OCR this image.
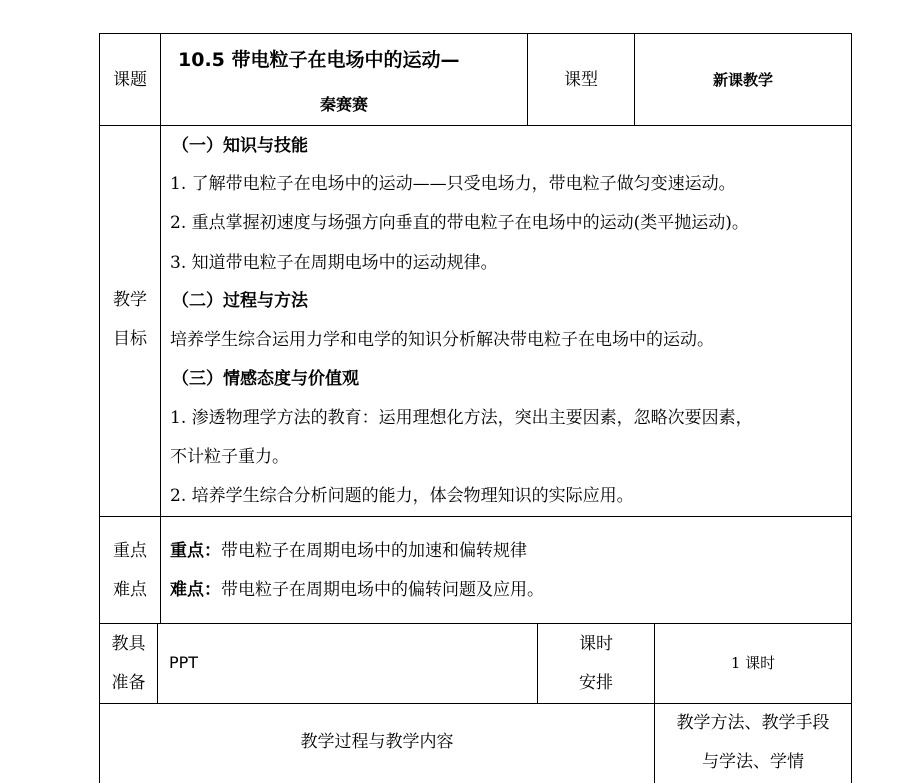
课题
10.5 带电粒子在电场中的运动—
秦赛赛
课型	新课教学
教学
目标
（一）知识与技能
1. 了解带电粒子在电场中的运动——只受电场力，带电粒子做匀变速运动。
2. 重点掌握初速度与场强方向垂直的带电粒子在电场中的运动(类平抛运动)。
3. 知道带电粒子在周期电场中的运动规律。
（二）过程与方法
培养学生综合运用力学和电学的知识分析解决带电粒子在电场中的运动。
（三）情感态度与价值观
1. 渗透物理学方法的教育：运用理想化方法，突出主要因素，忽略次要因素，
不计粒子重力。
2. 培养学生综合分析问题的能力，体会物理知识的实际应用。
重点
难点
重点：带电粒子在周期电场中的加速和偏转规律
难点：带电粒子在周期电场中的偏转问题及应用。
教具
准备
PPT
课时
安排
1 课时
教学过程与教学内容
教学方法、教学手段
与学法、学情
